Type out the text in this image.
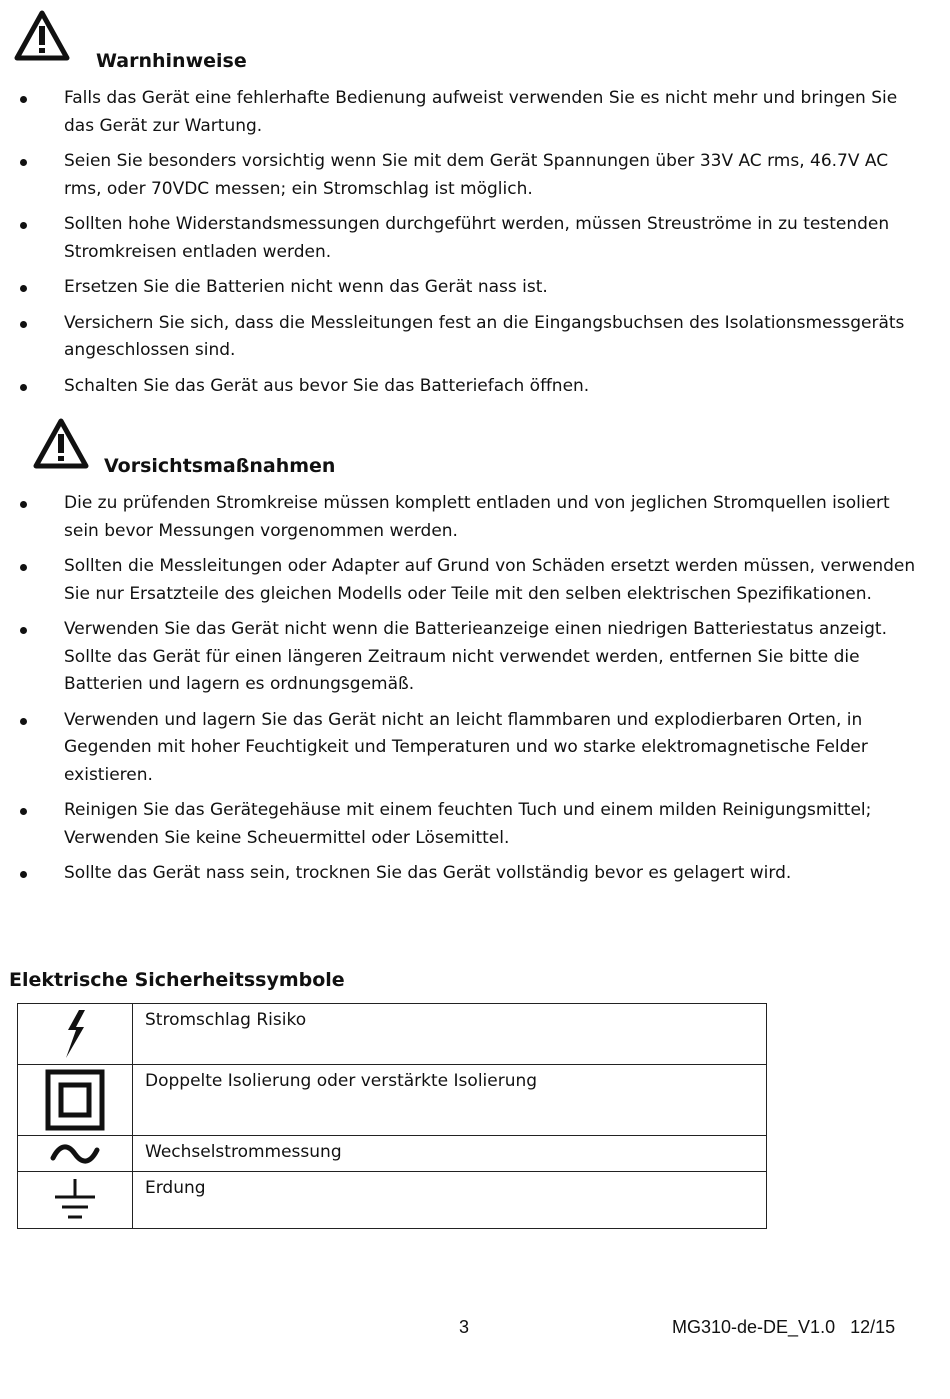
Warnhinweise
Falls das Gerät eine fehlerhafte Bedienung aufweist verwenden Sie es nicht mehr und bringen Sie das Gerät zur Wartung.
Seien Sie besonders vorsichtig wenn Sie mit dem Gerät Spannungen über 33V AC rms, 46.7V AC rms, oder 70VDC messen; ein Stromschlag ist möglich.
Sollten hohe Widerstandsmessungen durchgeführt werden, müssen Streuströme in zu testenden Stromkreisen entladen werden.
Ersetzen Sie die Batterien nicht wenn das Gerät nass ist.
Versichern Sie sich, dass die Messleitungen fest an die Eingangsbuchsen des Isolationsmessgeräts angeschlossen sind.
Schalten Sie das Gerät aus bevor Sie das Batteriefach öffnen.
Vorsichtsmaßnahmen
Die zu prüfenden Stromkreise müssen komplett entladen und von jeglichen Stromquellen isoliert sein bevor Messungen vorgenommen werden.
Sollten die Messleitungen oder Adapter auf Grund von Schäden ersetzt werden müssen, verwenden Sie nur Ersatzteile des gleichen Modells oder Teile mit den selben elektrischen Spezifikationen.
Verwenden Sie das Gerät nicht wenn die Batterieanzeige einen niedrigen Batteriestatus anzeigt. Sollte das Gerät für einen längeren Zeitraum nicht verwendet werden, entfernen Sie bitte die Batterien und lagern es ordnungsgemäß.
Verwenden und lagern Sie das Gerät nicht an leicht flammbaren und explodierbaren Orten, in Gegenden mit hoher Feuchtigkeit und Temperaturen und wo starke elektromagnetische Felder existieren.
Reinigen Sie das Gerätegehäuse mit einem feuchten Tuch und einem milden Reinigungsmittel; Verwenden Sie keine Scheuermittel oder Lösemittel.
Sollte das Gerät nass sein, trocknen Sie das Gerät vollständig bevor es gelagert wird.
Elektrische Sicherheitssymbole
	Stromschlag Risiko

	Doppelte Isolierung oder verstärkte Isolierung

	Wechselstrommessung

	Erdung
3	MG310-de-DE_V1.0   12/15
